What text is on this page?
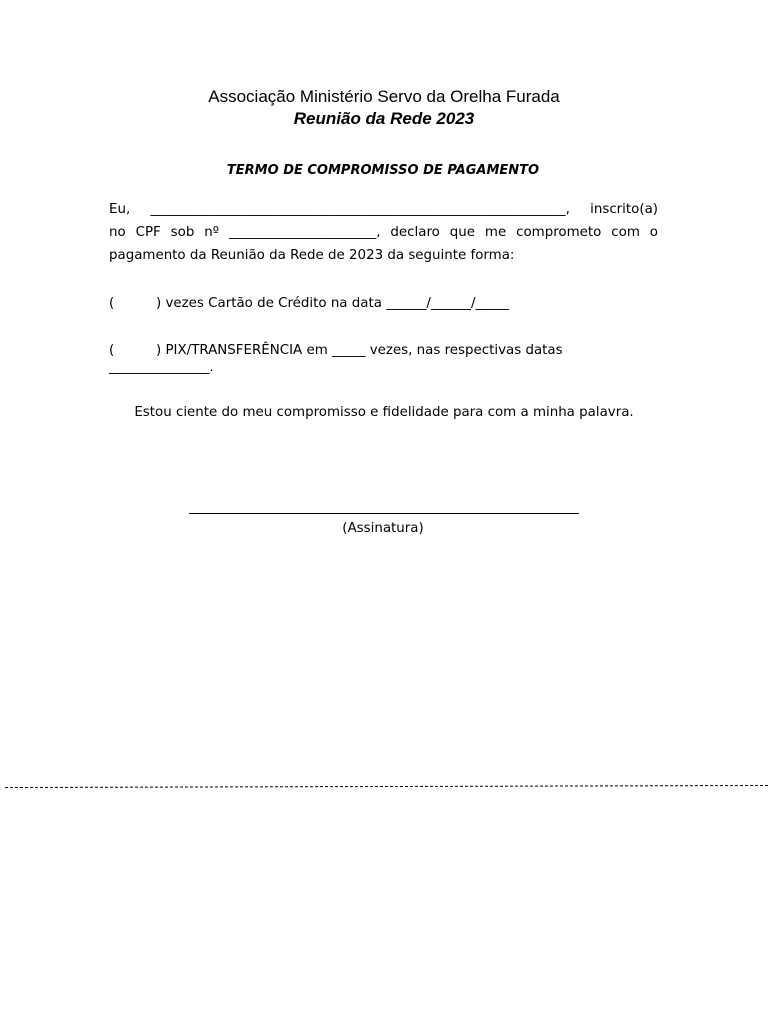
Associação Ministério Servo da Orelha Furada
Reunião da Rede 2023
TERMO DE COMPROMISSO DE PAGAMENTO
Eu, ______________________________________________________________, inscrito(a)
no CPF sob nº ______________________, declaro que me comprometo com o
pagamento da Reunião da Rede de 2023 da seguinte forma:
(	) vezes Cartão de Crédito na data ______/______/_____
(	) PIX/TRANSFERÊNCIA em _____ vezes, nas respectivas datas
_______________.
Estou ciente do meu compromisso e fidelidade para com a minha palavra.
(Assinatura)
